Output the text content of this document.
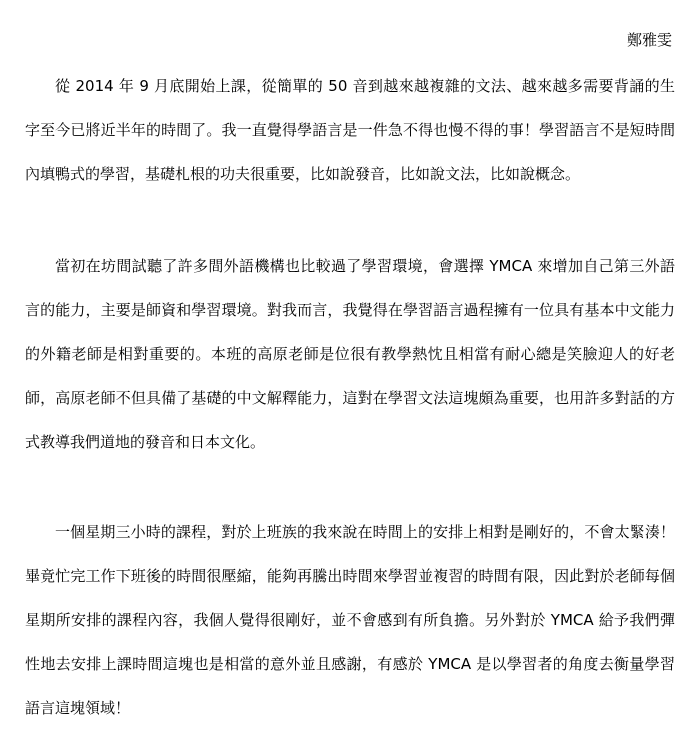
鄭雅雯

從 2014 年 9 月底開始上課，從簡單的 50 音到越來越複雜的文法、越來越多需要背誦的生字至今已將近半年的時間了。我一直覺得學語言是一件急不得也慢不得的事！學習語言不是短時間內填鴨式的學習，基礎札根的功夫很重要，比如說發音，比如說文法，比如說概念。

當初在坊間試聽了許多間外語機構也比較過了學習環境，會選擇 YMCA 來增加自己第三外語言的能力，主要是師資和學習環境。對我而言，我覺得在學習語言過程擁有一位具有基本中文能力的外籍老師是相對重要的。本班的高原老師是位很有教學熱忱且相當有耐心總是笑臉迎人的好老師，高原老師不但具備了基礎的中文解釋能力，這對在學習文法這塊頗為重要，也用許多對話的方式教導我們道地的發音和日本文化。

一個星期三小時的課程，對於上班族的我來說在時間上的安排上相對是剛好的，不會太緊湊！畢竟忙完工作下班後的時間很壓縮，能夠再騰出時間來學習並複習的時間有限，因此對於老師每個星期所安排的課程內容，我個人覺得很剛好，並不會感到有所負擔。另外對於 YMCA 給予我們彈性地去安排上課時間這塊也是相當的意外並且感謝，有感於 YMCA 是以學習者的角度去衡量學習語言這塊領域！
